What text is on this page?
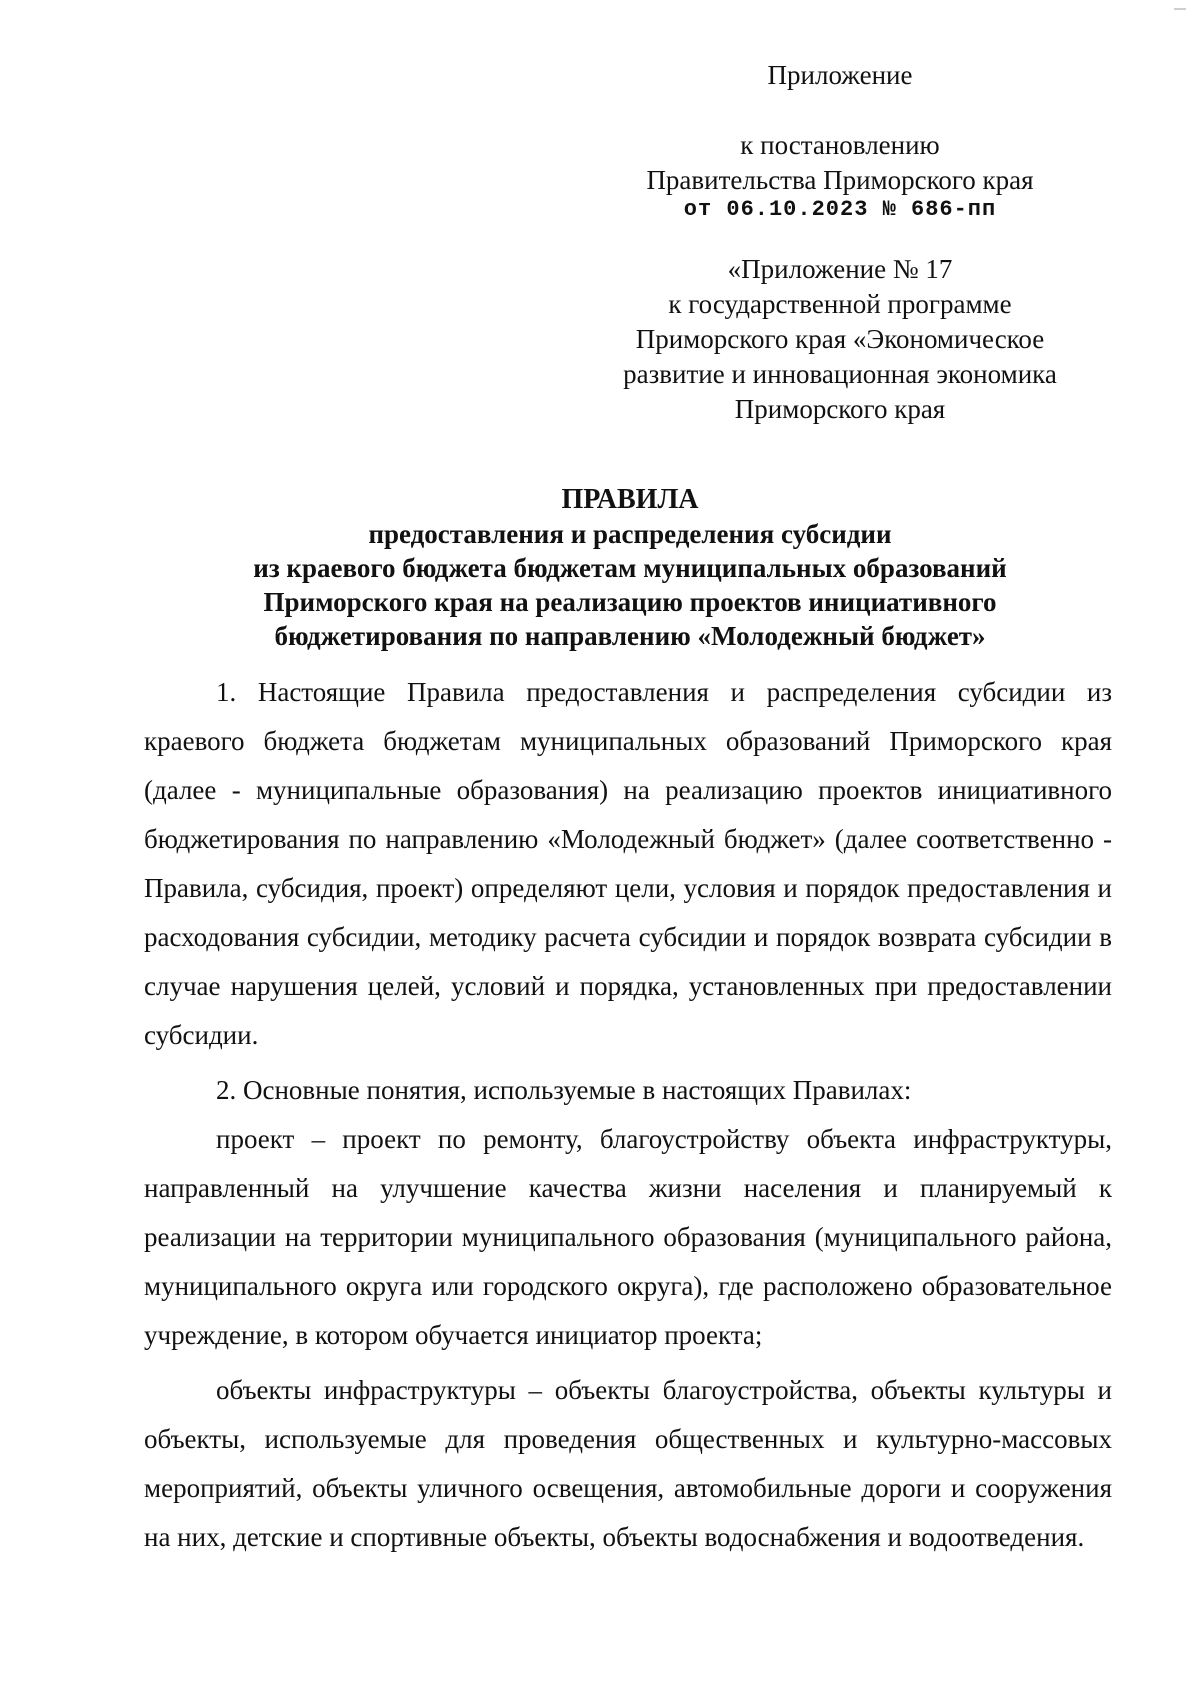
Приложение
к постановлению
Правительства Приморского края
от 06.10.2023 № 686-пп
«Приложение № 17
к государственной программе
Приморского края «Экономическое
развитие и инновационная экономика
Приморского края
ПРАВИЛА
предоставления и распределения субсидии
из краевого бюджета бюджетам муниципальных образований
Приморского края на реализацию проектов инициативного
бюджетирования по направлению «Молодежный бюджет»

1. Настоящие Правила предоставления и распределения субсидии из краевого бюджета бюджетам муниципальных образований Приморского края (далее - муниципальные образования) на реализацию проектов инициативного бюджетирования по направлению «Молодежный бюджет» (далее соответственно - Правила, субсидия, проект) определяют цели, условия и порядок предоставления и расходования субсидии, методику расчета субсидии и порядок возврата субсидии в случае нарушения целей, условий и порядка, установленных при предоставлении субсидии.

2. Основные понятия, используемые в настоящих Правилах:

проект – проект по ремонту, благоустройству объекта инфраструктуры, направленный на улучшение качества жизни населения и планируемый к реализации на территории муниципального образования (муниципального района, муниципального округа или городского округа), где расположено образовательное учреждение, в котором обучается инициатор проекта;

объекты инфраструктуры – объекты благоустройства, объекты культуры и объекты, используемые для проведения общественных и культурно-массовых мероприятий, объекты уличного освещения, автомобильные дороги и сооружения на них, детские и спортивные объекты, объекты водоснабжения и водоотведения.
